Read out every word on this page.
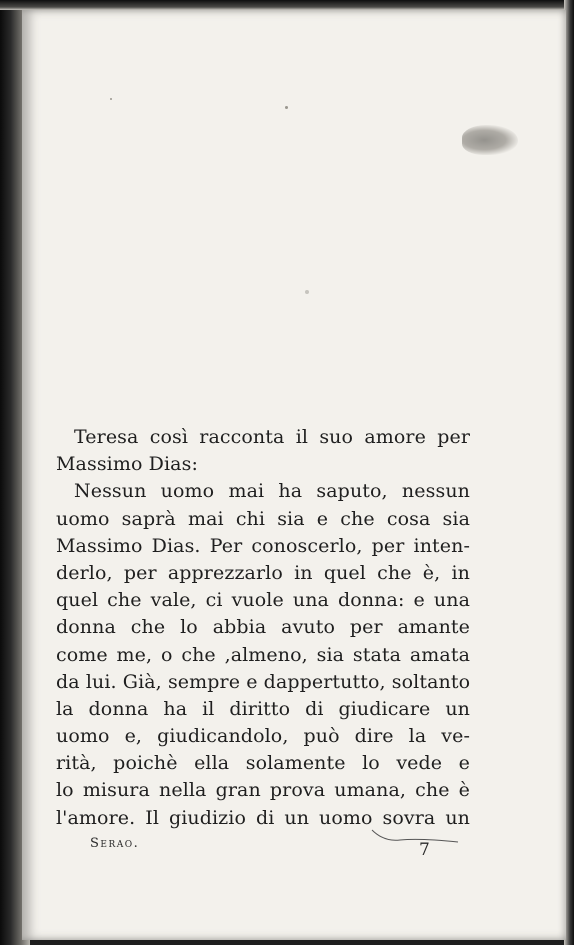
Teresa così racconta il suo amore per
Massimo Dias:
Nessun uomo mai ha saputo, nessun
uomo saprà mai chi sia e che cosa sia
Massimo Dias. Per conoscerlo, per inten-
derlo, per apprezzarlo in quel che è, in
quel che vale, ci vuole una donna: e una
donna che lo abbia avuto per amante
come me, o che ,almeno, sia stata amata
da lui. Già, sempre e dappertutto, soltanto
la donna ha il diritto di giudicare un
uomo e, giudicandolo, può dire la ve-
rità, poichè ella solamente lo vede e
lo misura nella gran prova umana, che è
l'amore. Il giudizio di un uomo sovra un
Serao.	7
